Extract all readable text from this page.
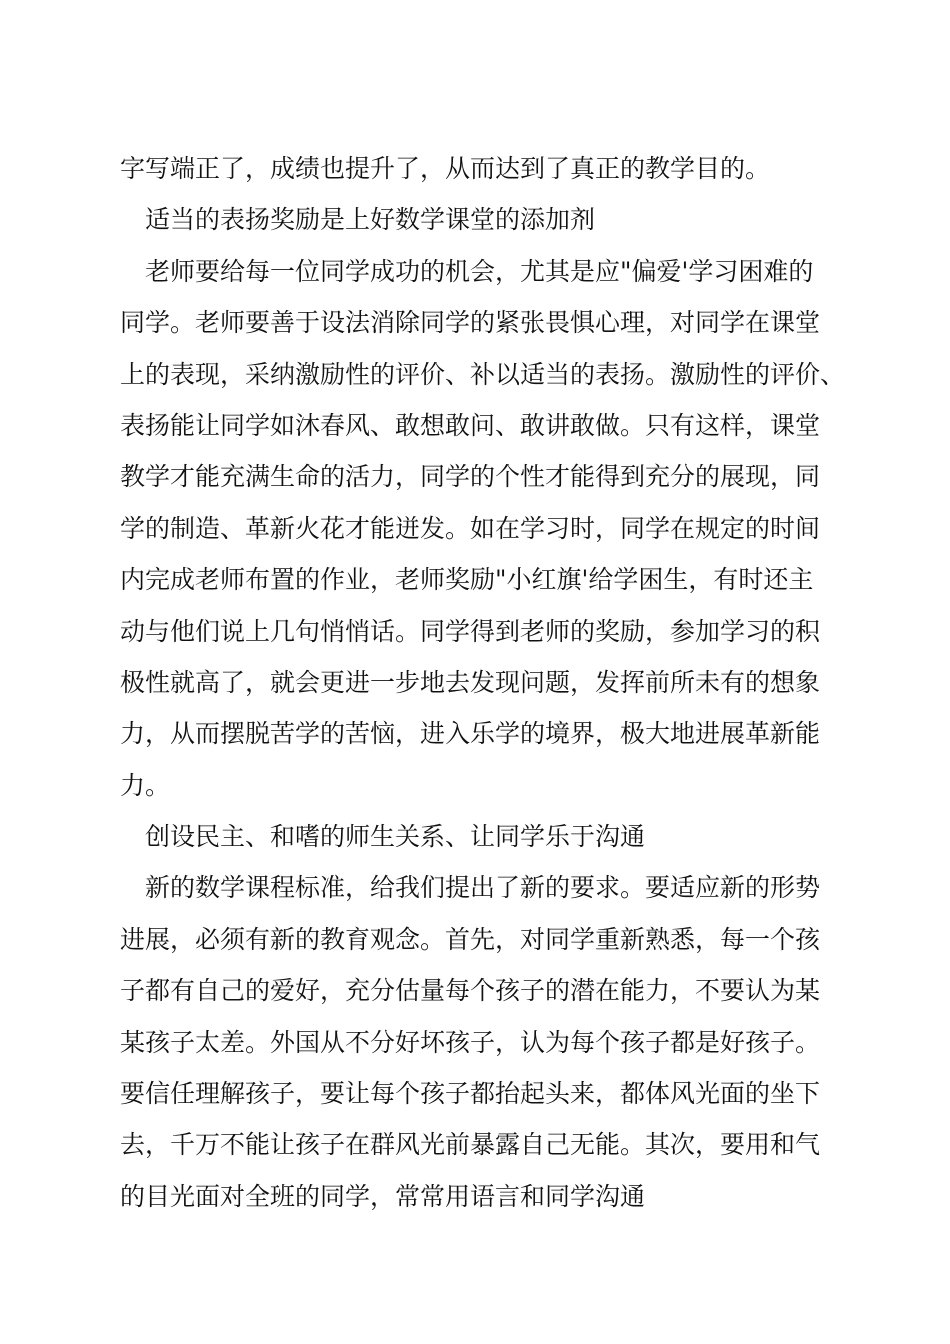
字写端正了，成绩也提升了，从而达到了真正的教学目的。
适当的表扬奖励是上好数学课堂的添加剂
老师要给每一位同学成功的机会，尤其是应"偏爱'学习困难的
同学。老师要善于设法消除同学的紧张畏惧心理，对同学在课堂
上的表现，采纳激励性的评价、补以适当的表扬。激励性的评价、
表扬能让同学如沐春风、敢想敢问、敢讲敢做。只有这样，课堂
教学才能充满生命的活力，同学的个性才能得到充分的展现，同
学的制造、革新火花才能迸发。如在学习时，同学在规定的时间
内完成老师布置的作业，老师奖励"小红旗'给学困生，有时还主
动与他们说上几句悄悄话。同学得到老师的奖励，参加学习的积
极性就高了，就会更进一步地去发现问题，发挥前所未有的想象
力，从而摆脱苦学的苦恼，进入乐学的境界，极大地进展革新能
力。
创设民主、和嗜的师生关系、让同学乐于沟通
新的数学课程标准，给我们提出了新的要求。要适应新的形势
进展，必须有新的教育观念。首先，对同学重新熟悉，每一个孩
子都有自己的爱好，充分估量每个孩子的潜在能力，不要认为某
某孩子太差。外国从不分好坏孩子，认为每个孩子都是好孩子。
要信任理解孩子，要让每个孩子都抬起头来，都体风光面的坐下
去，千万不能让孩子在群风光前暴露自己无能。其次，要用和气
的目光面对全班的同学，常常用语言和同学沟通
